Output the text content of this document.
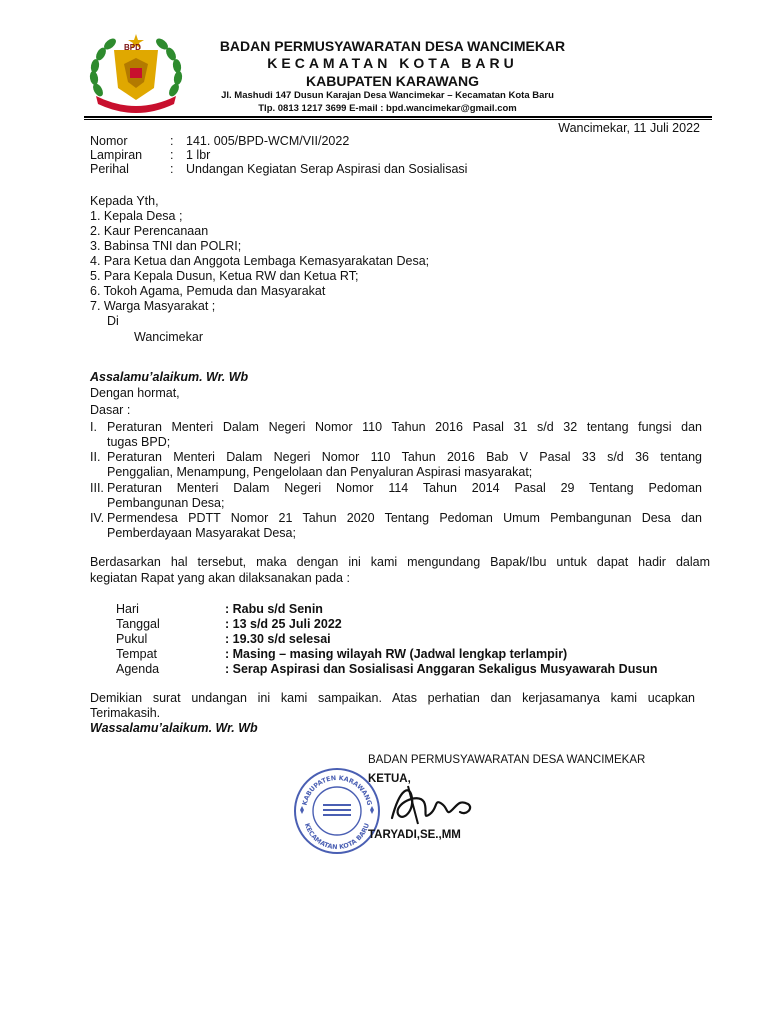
BPD	BADAN PERMUSYAWARATAN DESA WANCIMEKAR
KECAMATAN KOTA BARU
KABUPATEN KARAWANG
Jl. Mashudi 147 Dusun Karajan Desa Wancimekar – Kecamatan Kota Baru
Tlp. 0813 1217 3699 E-mail : bpd.wancimekar@gmail.com
Wancimekar, 11 Juli 2022
Nomor	: 141. 005/BPD-WCM/VII/2022
Lampiran : 1 lbr
Perihal	: Undangan Kegiatan Serap Aspirasi dan Sosialisasi
Kepada Yth,
1. Kepala Desa ;
2. Kaur Perencanaan
3. Babinsa TNI dan POLRI;
4. Para Ketua dan Anggota Lembaga Kemasyarakatan Desa;
5. Para Kepala Dusun, Ketua RW dan Ketua RT;
6. Tokoh Agama, Pemuda dan Masyarakat
7. Warga Masyarakat ;
Di
Wancimekar
Assalamu’alaikum. Wr. Wb
Dengan hormat,
Dasar :
I. Peraturan Menteri Dalam Negeri Nomor 110 Tahun 2016 Pasal 31 s/d 32 tentang fungsi dan
tugas BPD;
II. Peraturan Menteri Dalam Negeri Nomor 110 Tahun 2016 Bab V Pasal 33 s/d 36 tentang
Penggalian, Menampung, Pengelolaan dan Penyaluran Aspirasi masyarakat;
III. Peraturan Menteri Dalam Negeri Nomor 114 Tahun 2014 Pasal 29 Tentang Pedoman
Pembangunan Desa;
IV. Permendesa PDTT Nomor 21 Tahun 2020 Tentang Pedoman Umum Pembangunan Desa dan
Pemberdayaan Masyarakat Desa;
Berdasarkan hal tersebut, maka dengan ini kami mengundang Bapak/Ibu untuk dapat hadir dalam
kegiatan Rapat yang akan dilaksanakan pada :
Hari	: Rabu s/d Senin
Tanggal	: 13 s/d 25 Juli 2022
Pukul	: 19.30 s/d selesai
Tempat	: Masing – masing wilayah RW (Jadwal lengkap terlampir)
Agenda	: Serap Aspirasi dan Sosialisasi Anggaran Sekaligus Musyawarah Dusun
Demikian surat undangan ini kami sampaikan. Atas perhatian dan kerjasamanya kami ucapkan
Terimakasih.
Wassalamu’alaikum. Wr. Wb
BADAN PERMUSYAWARATAN DESA WANCIMEKAR
KABUPATEN KARAWANG
KECAMATAN KOTA BARU
KETUA,
TARYADI,SE.,MM
